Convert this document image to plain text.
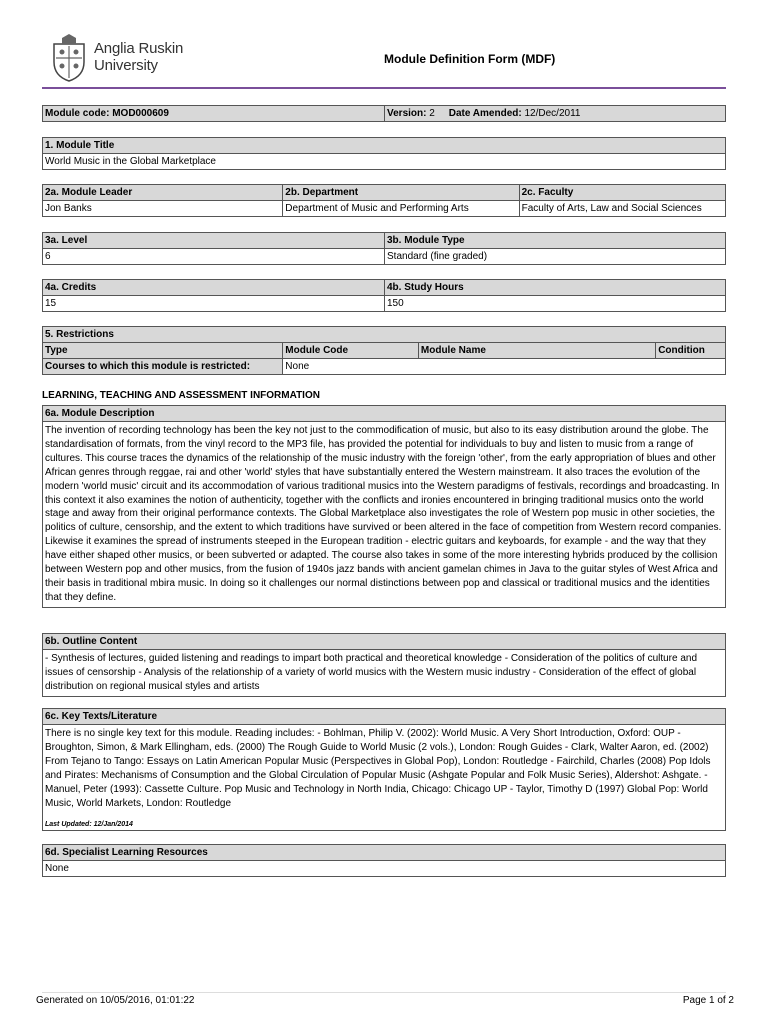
Anglia Ruskin
University	Module Definition Form (MDF)
Module code: MOD000609	Version: 2 Date Amended: 12/Dec/2011
1. Module Title
World Music in the Global Marketplace
2a. Module Leader	2b. Department	2c. Faculty
Jon Banks	Department of Music and Performing Arts	Faculty of Arts, Law and Social Sciences
3a. Level	3b. Module Type
6	Standard (fine graded)
4a. Credits	4b. Study Hours
15	150
5. Restrictions
Type	Module Code	Module Name	Condition
Courses to which this module is restricted:	None
LEARNING, TEACHING AND ASSESSMENT INFORMATION
6a. Module Description
The invention of recording technology has been the key not just to the commodification of music, but also to its easy distribution around the globe. The standardisation of formats, from the vinyl record to the MP3 file, has provided the potential for individuals to buy and listen to music from a range of cultures. This course traces the dynamics of the relationship of the music industry with the foreign 'other', from the early appropriation of blues and other African genres through reggae, rai and other 'world' styles that have substantially entered the Western mainstream. It also traces the evolution of the modern 'world music' circuit and its accommodation of various traditional musics into the Western paradigms of festivals, recordings and broadcasting. In this context it also examines the notion of authenticity, together with the conflicts and ironies encountered in bringing traditional musics onto the world stage and away from their original performance contexts. The Global Marketplace also investigates the role of Western pop music in other societies, the politics of culture, censorship, and the extent to which traditions have survived or been altered in the face of competition from Western record companies. Likewise it examines the spread of instruments steeped in the European tradition - electric guitars and keyboards, for example - and the way that they have either shaped other musics, or been subverted or adapted. The course also takes in some of the more interesting hybrids produced by the collision between Western pop and other musics, from the fusion of 1940s jazz bands with ancient gamelan chimes in Java to the guitar styles of West Africa and their basis in traditional mbira music. In doing so it challenges our normal distinctions between pop and classical or traditional musics and the identities that they define.
6b. Outline Content
- Synthesis of lectures, guided listening and readings to impart both practical and theoretical knowledge - Consideration of the politics of culture and issues of censorship - Analysis of the relationship of a variety of world musics with the Western music industry - Consideration of the effect of global distribution on regional musical styles and artists
6c. Key Texts/Literature
There is no single key text for this module. Reading includes: - Bohlman, Philip V. (2002): World Music. A Very Short Introduction, Oxford: OUP - Broughton, Simon, & Mark Ellingham, eds. (2000) The Rough Guide to World Music (2 vols.), London: Rough Guides - Clark, Walter Aaron, ed. (2002) From Tejano to Tango: Essays on Latin American Popular Music (Perspectives in Global Pop), London: Routledge - Fairchild, Charles (2008) Pop Idols and Pirates: Mechanisms of Consumption and the Global Circulation of Popular Music (Ashgate Popular and Folk Music Series), Aldershot: Ashgate. - Manuel, Peter (1993): Cassette Culture. Pop Music and Technology in North India, Chicago: Chicago UP - Taylor, Timothy D (1997) Global Pop: World Music, World Markets, London: Routledge
Last Updated: 12/Jan/2014
6d. Specialist Learning Resources
None
Generated on 10/05/2016, 01:01:22	Page 1 of 2
